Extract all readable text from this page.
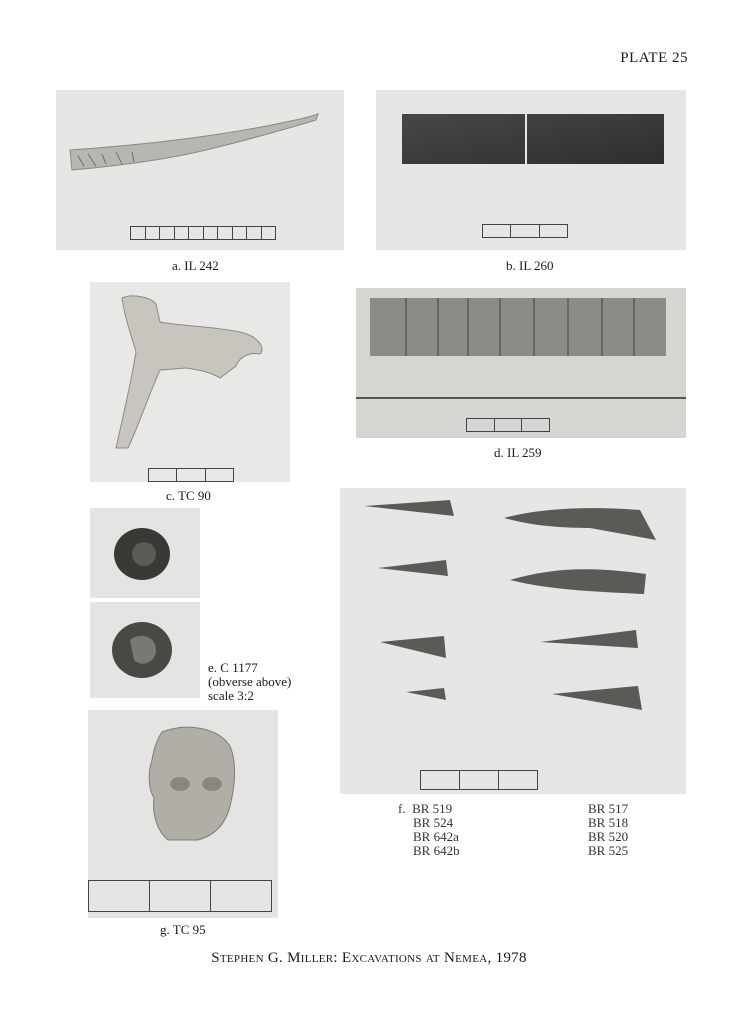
PLATE 25
a. IL 242	b. IL 260
c. TC 90
d. IL 259
e. C 1177
(obverse above)
scale 3:2
g. TC 95
f. BR 519
BR 524
BR 642a
BR 642b
BR 517
BR 518
BR 520
BR 525
Stephen G. Miller: Excavations at Nemea, 1978
